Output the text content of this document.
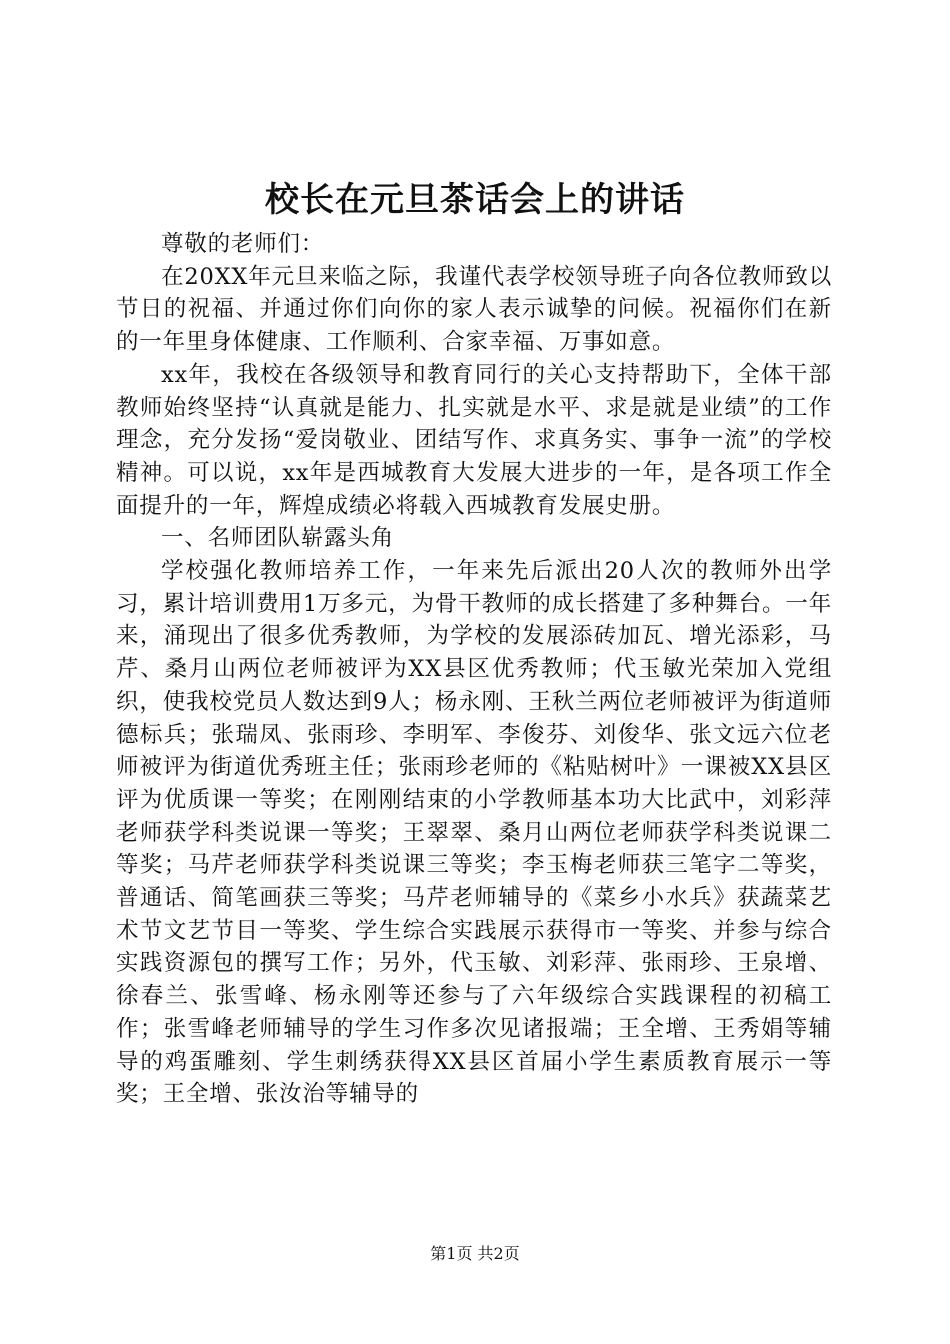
校长在元旦茶话会上的讲话

尊敬的老师们：

在20XX年元旦来临之际，我谨代表学校领导班子向各位教师致以节日的祝福、并通过你们向你的家人表示诚挚的问候。祝福你们在新的一年里身体健康、工作顺利、合家幸福、万事如意。

xx年，我校在各级领导和教育同行的关心支持帮助下，全体干部教师始终坚持“认真就是能力、扎实就是水平、求是就是业绩”的工作理念，充分发扬“爱岗敬业、团结写作、求真务实、事争一流”的学校精神。可以说，xx年是西城教育大发展大进步的一年，是各项工作全面提升的一年，辉煌成绩必将载入西城教育发展史册。

一、名师团队崭露头角

学校强化教师培养工作，一年来先后派出20人次的教师外出学习，累计培训费用1万多元，为骨干教师的成长搭建了多种舞台。一年来，涌现出了很多优秀教师，为学校的发展添砖加瓦、增光添彩，马芹、桑月山两位老师被评为XX县区优秀教师；代玉敏光荣加入党组织，使我校党员人数达到9人；杨永刚、王秋兰两位老师被评为街道师德标兵；张瑞凤、张雨珍、李明军、李俊芬、刘俊华、张文远六位老师被评为街道优秀班主任；张雨珍老师的《粘贴树叶》一课被XX县区评为优质课一等奖；在刚刚结束的小学教师基本功大比武中，刘彩萍老师获学科类说课一等奖；王翠翠、桑月山两位老师获学科类说课二等奖；马芹老师获学科类说课三等奖；李玉梅老师获三笔字二等奖，普通话、简笔画获三等奖；马芹老师辅导的《菜乡小水兵》获蔬菜艺术节文艺节目一等奖、学生综合实践展示获得市一等奖、并参与综合实践资源包的撰写工作；另外，代玉敏、刘彩萍、张雨珍、王泉增、徐春兰、张雪峰、杨永刚等还参与了六年级综合实践课程的初稿工作；张雪峰老师辅导的学生习作多次见诸报端；王全增、王秀娟等辅导的鸡蛋雕刻、学生刺绣获得XX县区首届小学生素质教育展示一等奖；王全增、张汝治等辅导的

第1页 共2页
